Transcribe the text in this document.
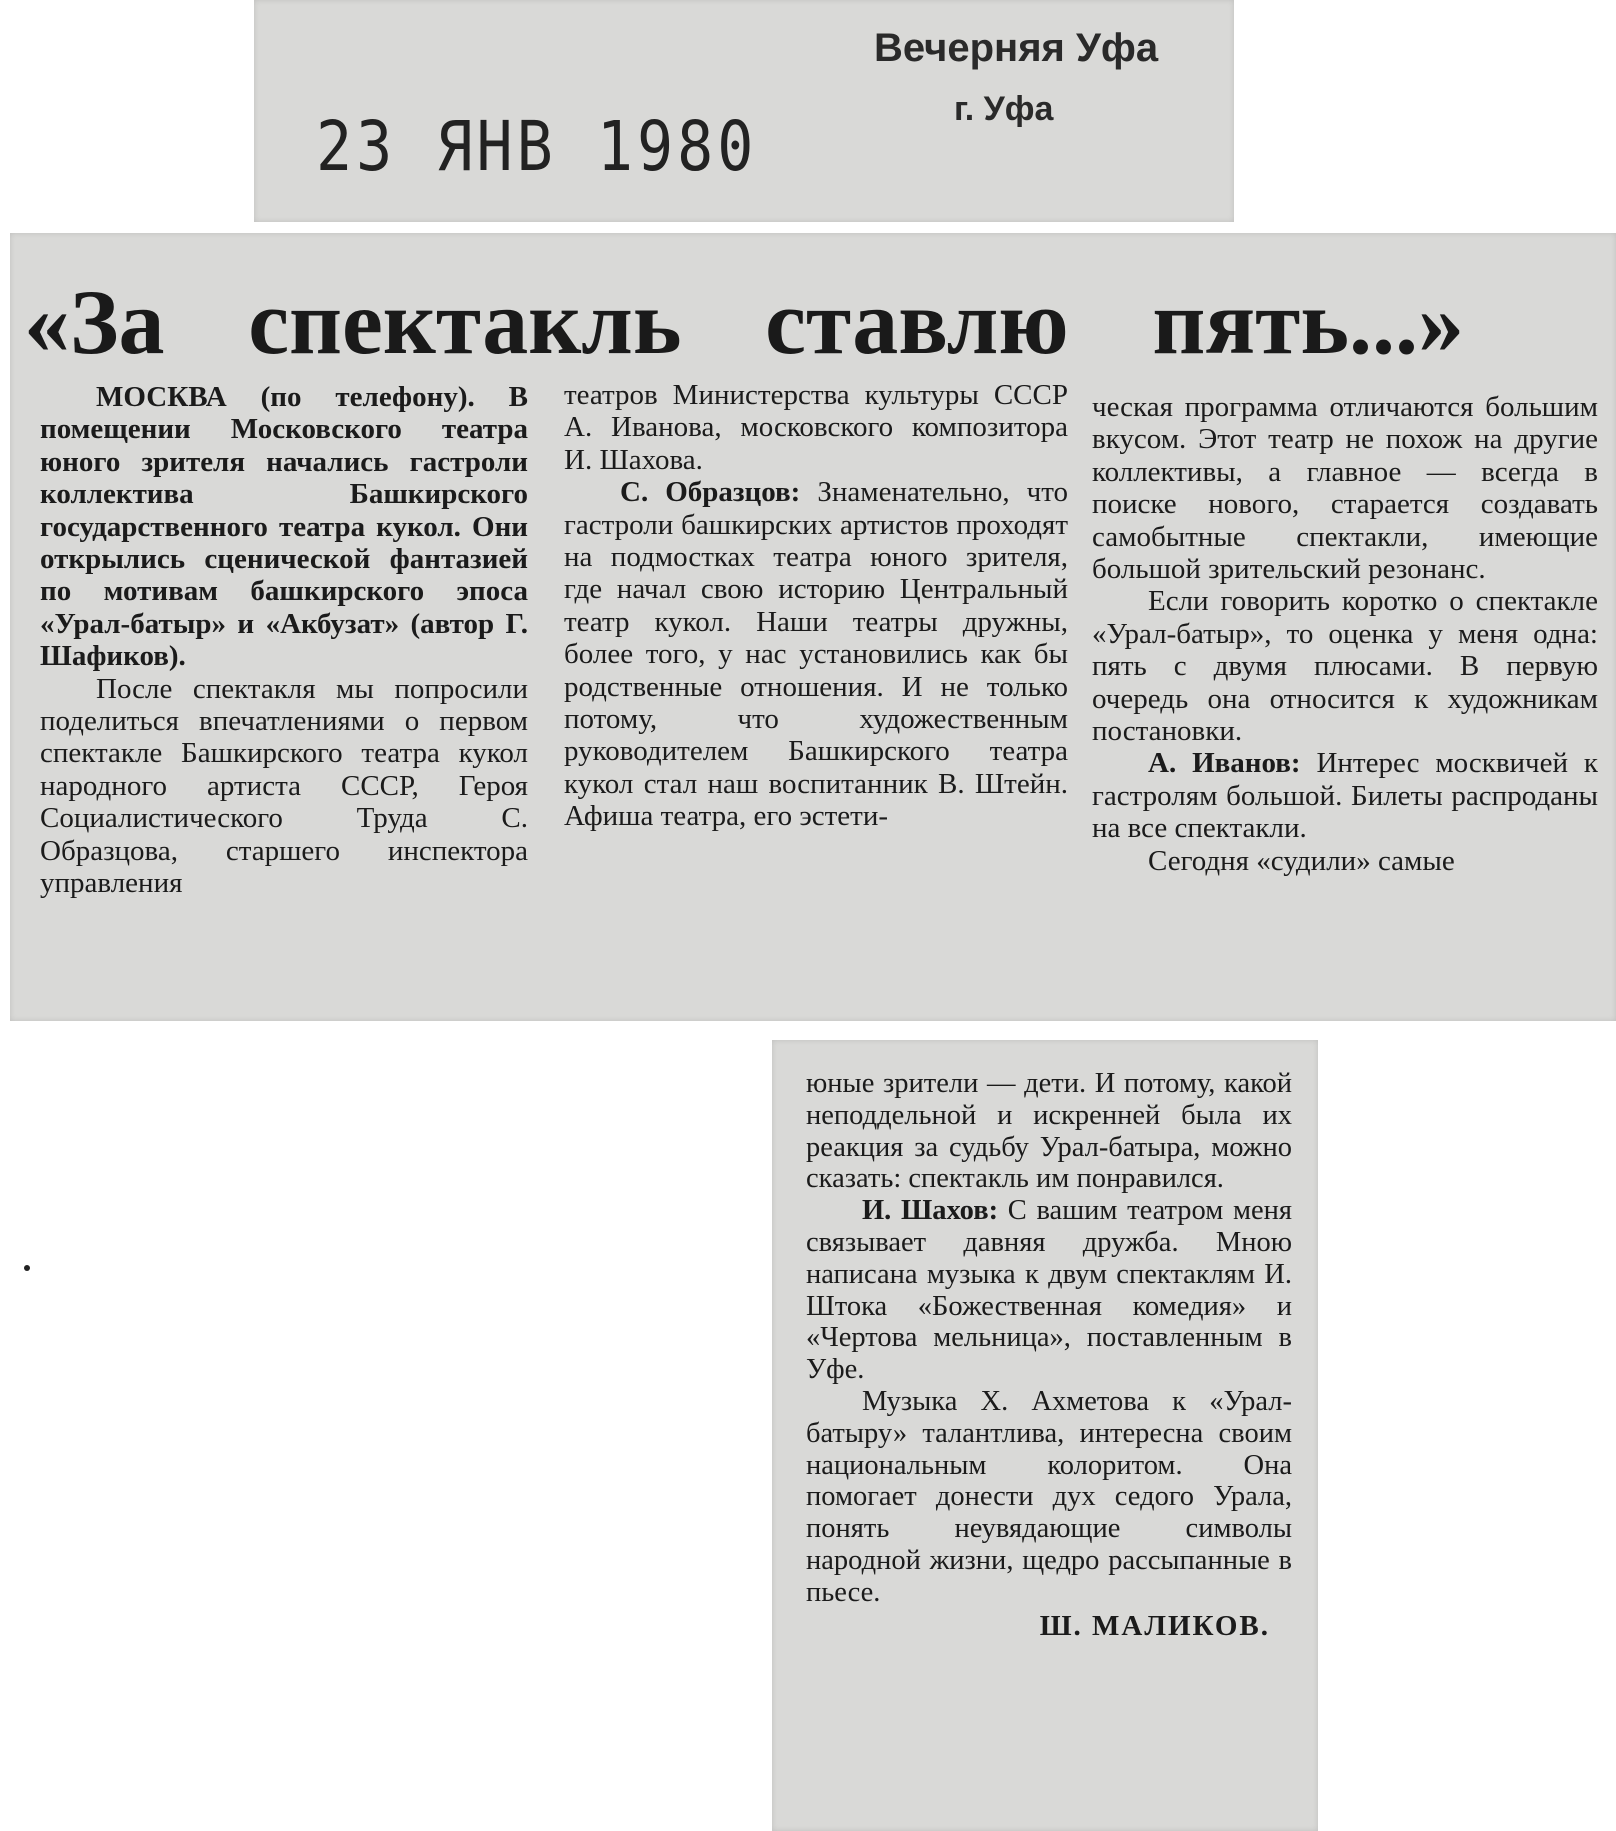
Вечерняя Уфа
г. Уфа
23 ЯНВ 1980
«За спектакль ставлю пять...»

МОСКВА (по телефону). В помещении Московского театра юного зрителя начались гастроли коллектива Башкирского государственного театра кукол. Они открылись сценической фантазией по мотивам башкирского эпоса «Урал-батыр» и «Акбузат» (автор Г. Шафиков).

После спектакля мы попросили поделиться впечатлениями о первом спектакле Башкирского театра кукол народного артиста СССР, Героя Социалистического Труда С. Образцова, старшего инспектора управления

театров Министерства культуры СССР А. Иванова, московского композитора И. Шахова.

С. Образцов: Знаменательно, что гастроли башкирских артистов проходят на подмостках театра юного зрителя, где начал свою историю Центральный театр кукол. Наши театры дружны, более того, у нас установились как бы родственные отношения. И не только потому, что художественным руководителем Башкирского театра кукол стал наш воспитанник В. Штейн. Афиша театра, его эстети-

ческая программа отличаются большим вкусом. Этот театр не похож на другие коллективы, а главное — всегда в поиске нового, старается создавать самобытные спектакли, имеющие большой зрительский резонанс.

Если говорить коротко о спектакле «Урал-батыр», то оценка у меня одна: пять с двумя плюсами. В первую очередь она относится к художникам постановки.

А. Иванов: Интерес москвичей к гастролям большой. Билеты распроданы на все спектакли.

Сегодня «судили» самые

юные зрители — дети. И потому, какой неподдельной и искренней была их реакция за судьбу Урал-батыра, можно сказать: спектакль им понравился.

И. Шахов: С вашим театром меня связывает давняя дружба. Мною написана музыка к двум спектаклям И. Штока «Божественная комедия» и «Чертова мельница», поставленным в Уфе.

Музыка Х. Ахметова к «Урал-батыру» талантлива, интересна своим национальным колоритом. Она помогает донести дух седого Урала, понять неувядающие символы народной жизни, щедро рассыпанные в пьесе.

Ш. МАЛИКОВ.
